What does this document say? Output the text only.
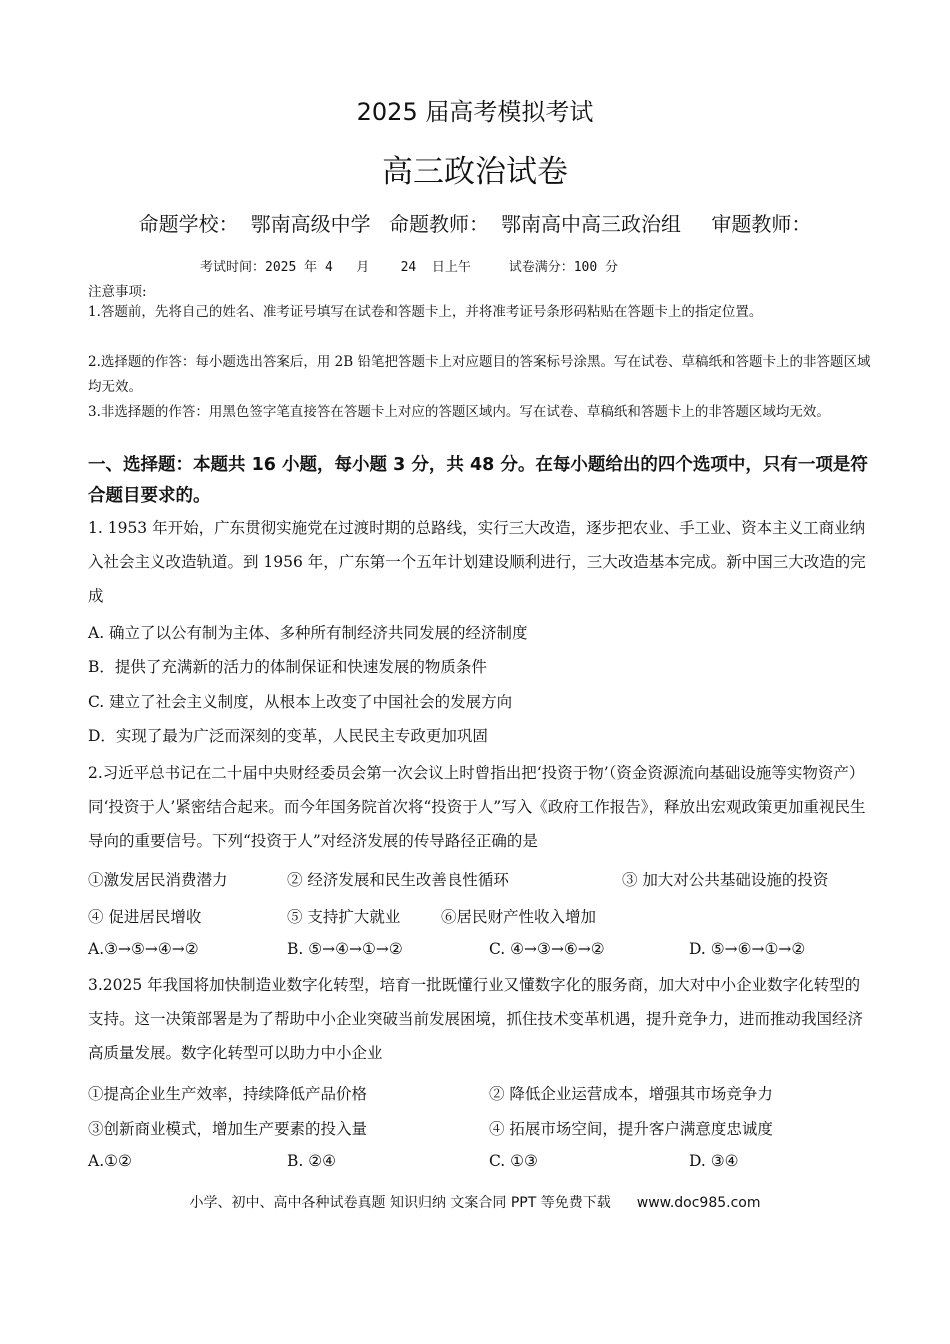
2025 届高考模拟考试
高三政治试卷
命题学校： 鄂南高级中学 命题教师： 鄂南高中高三政治组 审题教师：
考试时间：2025 年 4   月    24  日上午	试卷满分：100 分
注意事项:
1.答题前，先将自己的姓名、准考证号填写在试卷和答题卡上，并将准考证号条形码粘贴在答题卡上的指定位置。
2.选择题的作答：每小题选出答案后，用 2B 铅笔把答题卡上对应题目的答案标号涂黑。写在试卷、草稿纸和答题卡上的非答题区域均无效。
3.非选择题的作答：用黑色签字笔直接答在答题卡上对应的答题区域内。写在试卷、草稿纸和答题卡上的非答题区域均无效。
一、选择题：本题共 16 小题，每小题 3 分，共 48 分。在每小题给出的四个选项中，只有一项是符合题目要求的。
1. 1953 年开始，广东贯彻实施党在过渡时期的总路线，实行三大改造，逐步把农业、手工业、资本主义工商业纳入社会主义改造轨道。到 1956 年，广东第一个五年计划建设顺利进行，三大改造基本完成。新中国三大改造的完成
A. 确立了以公有制为主体、多种所有制经济共同发展的经济制度
B．提供了充满新的活力的体制保证和快速发展的物质条件
C. 建立了社会主义制度，从根本上改变了中国社会的发展方向
D．实现了最为广泛而深刻的变革，人民民主专政更加巩固
2.习近平总书记在二十届中央财经委员会第一次会议上时曾指出把‘投资于物’（资金资源流向基础设施等实物资产）同‘投资于人’紧密结合起来。而今年国务院首次将“投资于人”写入《政府工作报告》，释放出宏观政策更加重视民生导向的重要信号。下列“投资于人”对经济发展的传导路径正确的是
①激发居民消费潜力	② 经济发展和民生改善良性循环	③ 加大对公共基础设施的投资
④ 促进居民增收	⑤ 支持扩大就业	⑥居民财产性收入增加
A.③→⑤→④→②	B. ⑤→④→①→②	C. ④→③→⑥→②	D. ⑤→⑥→①→②
3.2025 年我国将加快制造业数字化转型，培育一批既懂行业又懂数字化的服务商，加大对中小企业数字化转型的支持。这一决策部署是为了帮助中小企业突破当前发展困境，抓住技术变革机遇，提升竞争力，进而推动我国经济高质量发展。数字化转型可以助力中小企业
①提高企业生产效率，持续降低产品价格	② 降低企业运营成本，增强其市场竞争力
③创新商业模式，增加生产要素的投入量	④ 拓展市场空间，提升客户满意度忠诚度
A.①②	B. ②④	C. ①③	D. ③④
小学、初中、高中各种试卷真题 知识归纳 文案合同 PPT 等免费下载 www.doc985.com
